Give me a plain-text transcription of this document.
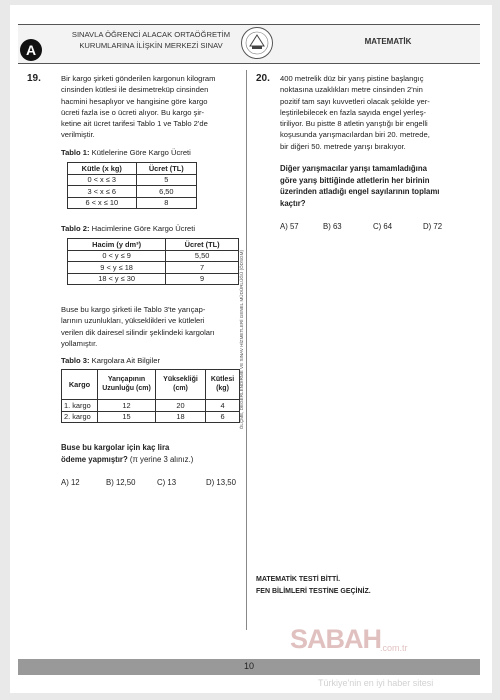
A
SINAVLA ÖĞRENCİ ALACAK ORTAÖĞRETİM
KURUMLARINA İLİŞKİN MERKEZİ SINAV	MATEMATİK
19.	Bir kargo şirketi gönderilen kargonun kilogram
cinsinden kütlesi ile desimetreküp cinsinden
hacmini hesaplıyor ve hangisine göre kargo
ücreti fazla ise o ücreti alıyor. Bu kargo şir-
ketine ait ücret tarifesi Tablo 1 ve Tablo 2'de
verilmiştir.
Tablo 1: Kütlelerine Göre Kargo Ücreti
Kütle (x kg)	Ücret (TL)
0 < x ≤ 3	5
3 < x ≤ 6	6,50
6 < x ≤ 10	8
Tablo 2: Hacimlerine Göre Kargo Ücreti
Hacim (y dm³)	Ücret (TL)
0 < y ≤ 9	5,50
9 < y ≤ 18	7
18 < y ≤ 30	9
Buse bu kargo şirketi ile Tablo 3'te yarıçap-
larının uzunlukları, yükseklikleri ve kütleleri
verilen dik dairesel silindir şeklindeki kargoları
yollamıştır.
Tablo 3: Kargolara Ait Bilgiler
Kargo	Yarıçapının Uzunluğu (cm)	Yüksekliği (cm)	Kütlesi (kg)
1. kargo	12	20	4
2. kargo	15	18	6
Buse bu kargolar için kaç lira
ödeme yapmıştır? (π yerine 3 alınız.)
A) 12	B) 12,50	C) 13	D) 13,50
ÖLÇME, DEĞERLENDİRME VE SINAV HİZMETLERİ GENEL MÜDÜRLÜĞÜ (ÖDSGM)
20. 400 metrelik düz bir yarış pistine başlangıç
noktasına uzaklıkları metre cinsinden 2'nin
pozitif tam sayı kuvvetleri olacak şekilde yer-
leştirilebilecek en fazla sayıda engel yerleş-
tiriliyor. Bu pistte 8 atletin yarıştığı bir engelli
koşusunda yarışmacılardan biri 20. metrede,
bir diğeri 50. metrede yarışı bırakıyor.
Diğer yarışmacılar yarışı tamamladığına
göre yarış bittiğinde atletlerin her birinin
üzerinden atladığı engel sayılarının toplamı
kaçtır?
A) 57	B) 63	C) 64	D) 72
MATEMATİK TESTİ BİTTİ.
FEN BİLİMLERİ TESTİNE GEÇİNİZ.
SABAH
.com.tr
10
Türkiye'nin en iyi haber sitesi
